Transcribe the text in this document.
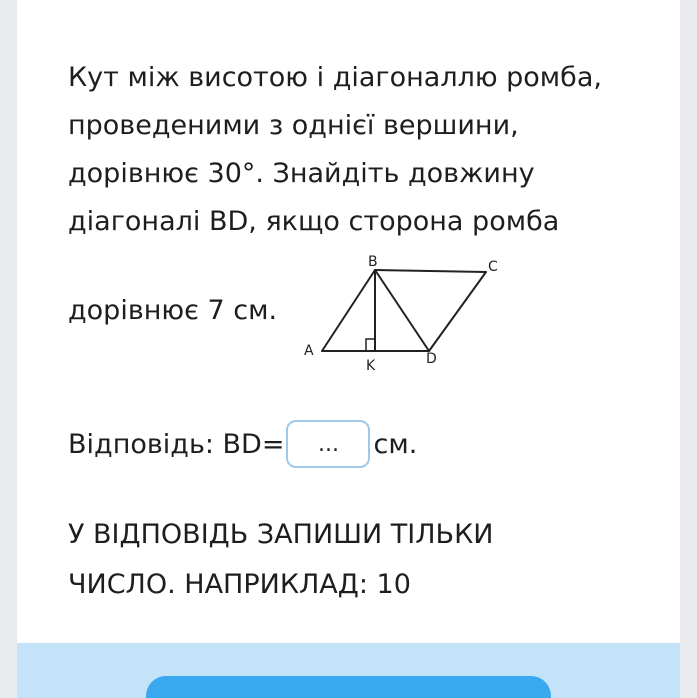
Кут між висотою і діагоналлю ромба,
проведеними з однієї вершини,
дорівнює 30°. Знайдіть довжину
діагоналі BD, якщо сторона ромба
дорівнює 7 см.
A
B	C
D
K
Відповідь: BD= ... см.
У ВІДПОВІДЬ ЗАПИШИ ТІЛЬКИ
ЧИСЛО. НАПРИКЛАД: 10
